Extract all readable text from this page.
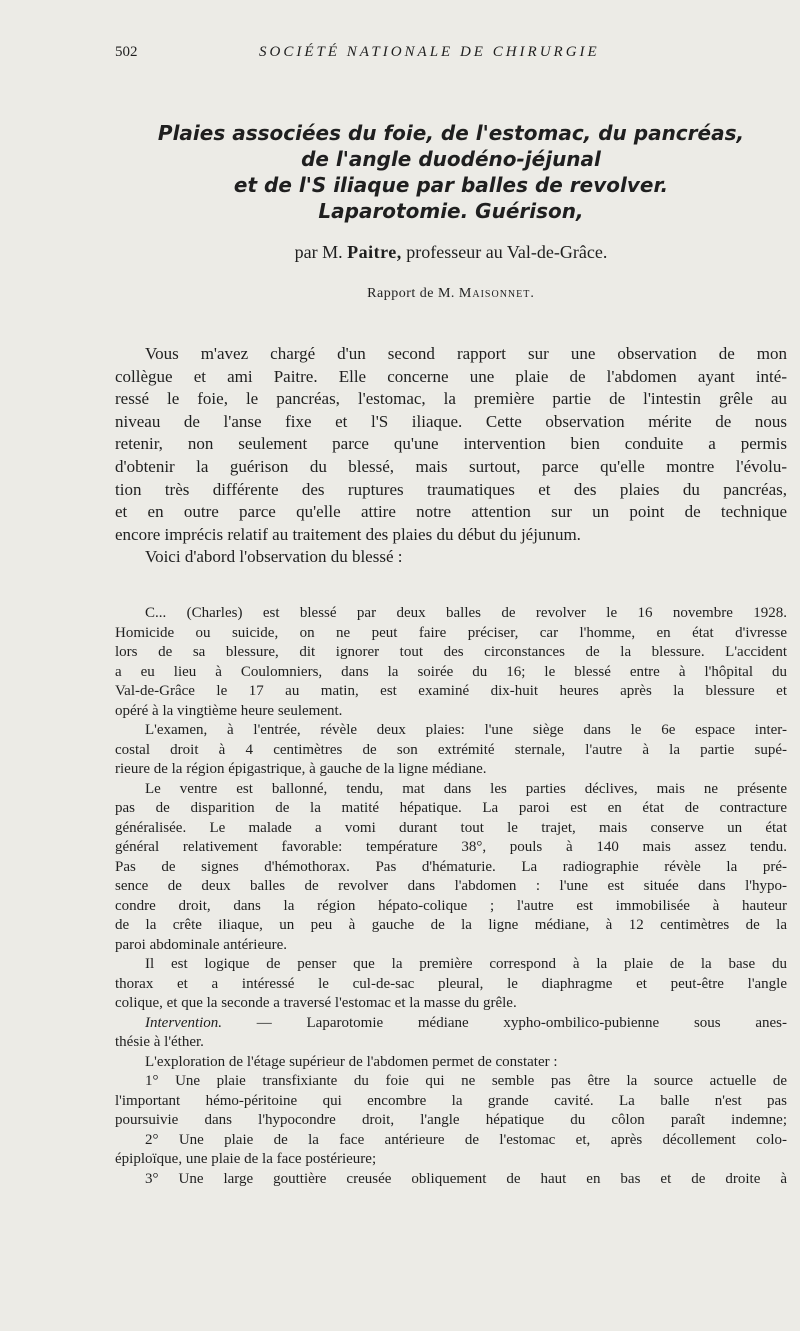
502	SOCIÉTÉ NATIONALE DE CHIRURGIE
Plaies associées du foie, de l'estomac, du pancréas,
de l'angle duodéno-jéjunal
et de l'S iliaque par balles de revolver.
Laparotomie. Guérison,
par M. Paitre, professeur au Val-de-Grâce.
Rapport de M. Maisonnet.
Vous m'avez chargé d'un second rapport sur une observation de mon
collègue et ami Paitre. Elle concerne une plaie de l'abdomen ayant inté-
ressé le foie, le pancréas, l'estomac, la première partie de l'intestin grêle au
niveau de l'anse fixe et l'S iliaque. Cette observation mérite de nous
retenir, non seulement parce qu'une intervention bien conduite a permis
d'obtenir la guérison du blessé, mais surtout, parce qu'elle montre l'évolu-
tion très différente des ruptures traumatiques et des plaies du pancréas,
et en outre parce qu'elle attire notre attention sur un point de technique
encore imprécis relatif au traitement des plaies du début du jéjunum.
Voici d'abord l'observation du blessé :
C... (Charles) est blessé par deux balles de revolver le 16 novembre 1928.
Homicide ou suicide, on ne peut faire préciser, car l'homme, en état d'ivresse
lors de sa blessure, dit ignorer tout des circonstances de la blessure. L'accident
a eu lieu à Coulomniers, dans la soirée du 16; le blessé entre à l'hôpital du
Val-de-Grâce le 17 au matin, est examiné dix-huit heures après la blessure et
opéré à la vingtième heure seulement.
L'examen, à l'entrée, révèle deux plaies: l'une siège dans le 6e espace inter-
costal droit à 4 centimètres de son extrémité sternale, l'autre à la partie supé-
rieure de la région épigastrique, à gauche de la ligne médiane.
Le ventre est ballonné, tendu, mat dans les parties déclives, mais ne présente
pas de disparition de la matité hépatique. La paroi est en état de contracture
généralisée. Le malade a vomi durant tout le trajet, mais conserve un état
général relativement favorable: température 38°, pouls à 140 mais assez tendu.
Pas de signes d'hémothorax. Pas d'hématurie. La radiographie révèle la pré-
sence de deux balles de revolver dans l'abdomen : l'une est située dans l'hypo-
condre droit, dans la région hépato-colique ; l'autre est immobilisée à hauteur
de la crête iliaque, un peu à gauche de la ligne médiane, à 12 centimètres de la
paroi abdominale antérieure.
Il est logique de penser que la première correspond à la plaie de la base du
thorax et a intéressé le cul-de-sac pleural, le diaphragme et peut-être l'angle
colique, et que la seconde a traversé l'estomac et la masse du grêle.
Intervention. — Laparotomie médiane xypho-ombilico-pubienne sous anes-
thésie à l'éther.
L'exploration de l'étage supérieur de l'abdomen permet de constater :
1° Une plaie transfixiante du foie qui ne semble pas être la source actuelle de
l'important hémo-péritoine qui encombre la grande cavité. La balle n'est pas
poursuivie dans l'hypocondre droit, l'angle hépatique du côlon paraît indemne;
2° Une plaie de la face antérieure de l'estomac et, après décollement colo-
épiploïque, une plaie de la face postérieure;
3° Une large gouttière creusée obliquement de haut en bas et de droite à
